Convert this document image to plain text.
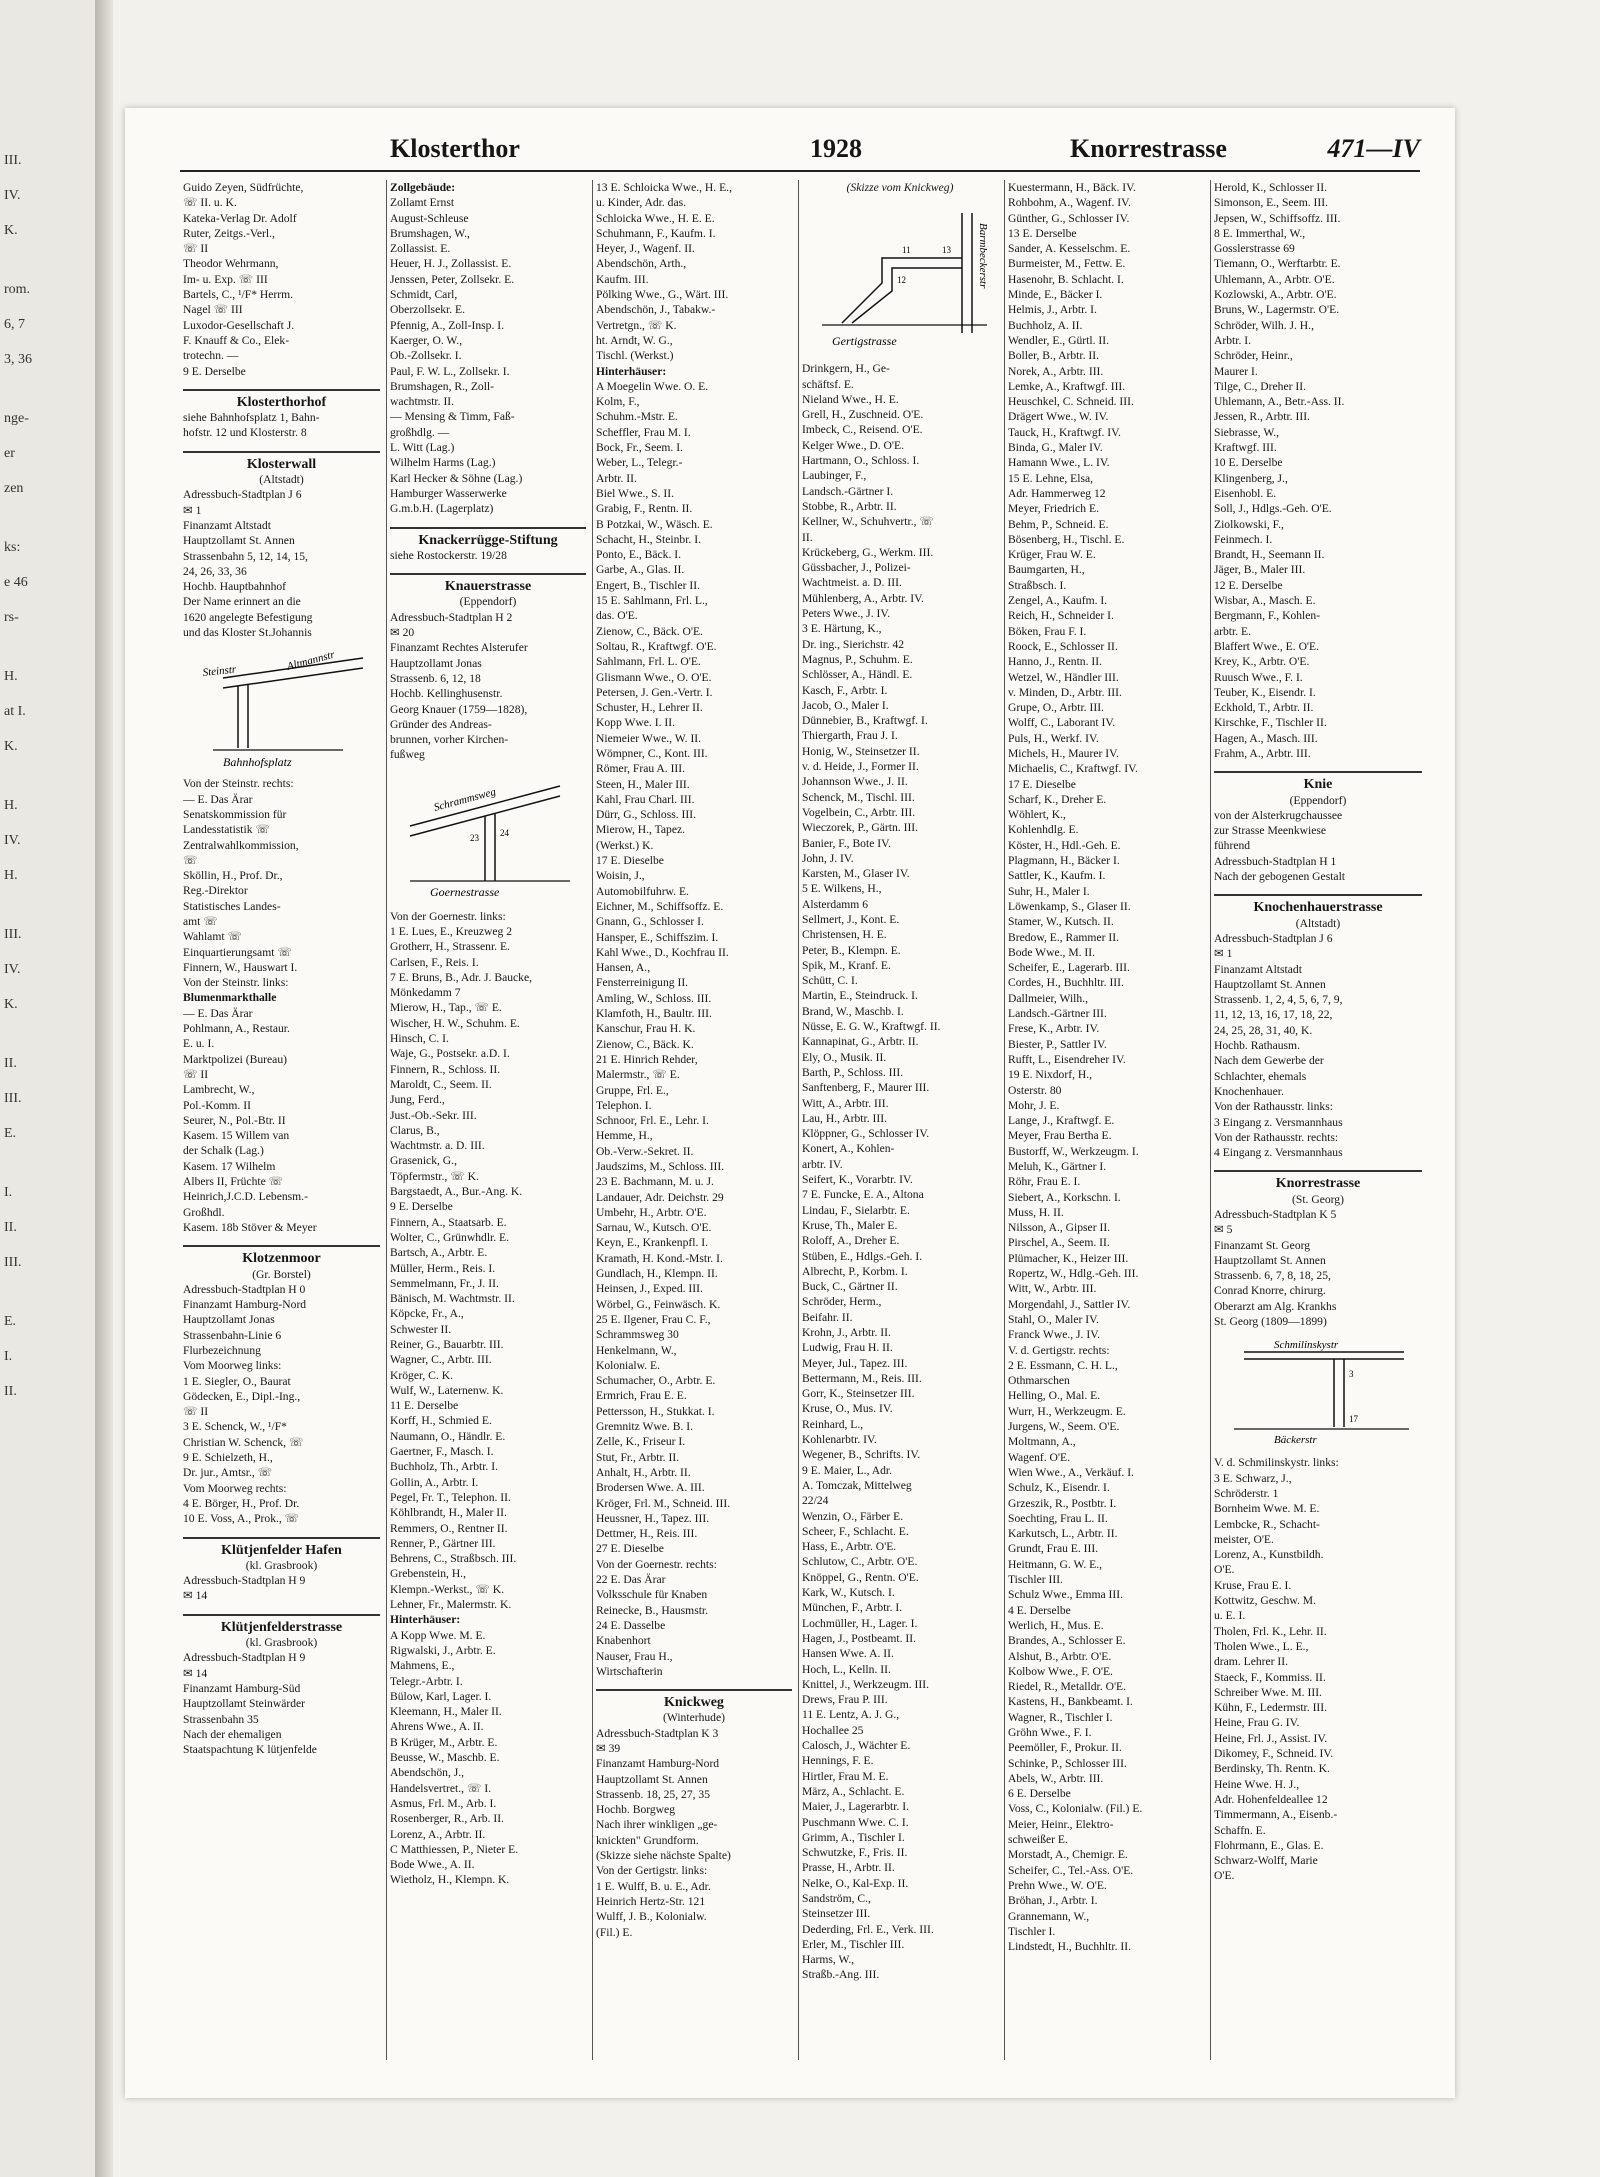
III.
IV.
K.
rom.
6, 7
3, 36
nge-
er
zen
ks:
e 46
rs-
H.
at I.
K.
H.
IV.
H.
III.
IV.
K.
II.
III.
E.
I.
II.
III.
E.
I.
II.
Klosterthor	1928	Knorrestrasse	471—IV
Guido Zeyen, Südfrüchte,
☏ II. u. K.
Kateka-Verlag Dr. Adolf
Ruter, Zeitgs.-Verl.,
☏ II
Theodor Wehrmann,
Im- u. Exp. ☏ III
Bartels, C., ¹/F* Herrm.
Nagel ☏ III
Luxodor-Gesellschaft J.
F. Knauff & Co., Elek-
trotechn. —
9 E. Derselbe
Klosterthorhof
siehe Bahnhofsplatz 1, Bahn-
hofstr. 12 und Klosterstr. 8
Klosterwall
(Altstadt)
Adressbuch-Stadtplan J 6
✉ 1
Finanzamt Altstadt
Hauptzollamt St. Annen
Strassenbahn 5, 12, 14, 15,
24, 26, 33, 36
Hochb. Hauptbahnhof
Der Name erinnert an die
1620 angelegte Befestigung
und das Kloster St.Johannis
Steinstr	Altmannstr
Bahnhofsplatz
Von der Steinstr. rechts:
— E. Das Ärar
Senatskommission für
Landesstatistik ☏
Zentralwahlkommission,
☏
Sköllin, H., Prof. Dr.,
Reg.-Direktor
Statistisches Landes-
amt ☏
Wahlamt ☏
Einquartierungsamt ☏
Finnern, W., Hauswart I.
Von der Steinstr. links:
Blumenmarkthalle
— E. Das Ärar
Pohlmann, A., Restaur.
E. u. I.
Marktpolizei (Bureau)
☏ II
Lambrecht, W.,
Pol.-Komm. II
Seurer, N., Pol.-Btr. II
Kasem. 15 Willem van
der Schalk (Lag.)
Kasem. 17 Wilhelm
Albers II, Früchte ☏
Heinrich,J.C.D. Lebensm.-
Großhdl.
Kasem. 18b Stöver & Meyer
Klotzenmoor
(Gr. Borstel)
Adressbuch-Stadtplan H 0
Finanzamt Hamburg-Nord
Hauptzollamt Jonas
Strassenbahn-Linie 6
Flurbezeichnung
Vom Moorweg links:
1 E. Siegler, O., Baurat
Gödecken, E., Dipl.-Ing.,
☏ II
3 E. Schenck, W., ¹/F*
Christian W. Schenck, ☏
9 E. Schielzeth, H.,
Dr. jur., Amtsr., ☏
Vom Moorweg rechts:
4 E. Börger, H., Prof. Dr.
10 E. Voss, A., Prok., ☏
Klütjenfelder Hafen
(kl. Grasbrook)
Adressbuch-Stadtplan H 9
✉ 14
Klütjenfelderstrasse
(kl. Grasbrook)
Adressbuch-Stadtplan H 9
✉ 14
Finanzamt Hamburg-Süd
Hauptzollamt Steinwärder
Strassenbahn 35
Nach der ehemaligen
Staatspachtung K lütjenfelde
Zollgebäude:
Zollamt Ernst
August-Schleuse
Brumshagen, W.,
Zollassist. E.
Heuer, H. J., Zollassist. E.
Jenssen, Peter, Zollsekr. E.
Schmidt, Carl,
Oberzollsekr. E.
Pfennig, A., Zoll-Insp. I.
Kaerger, O. W.,
Ob.-Zollsekr. I.
Paul, F. W. L., Zollsekr. I.
Brumshagen, R., Zoll-
wachtmstr. II.
— Mensing & Timm, Faß-
großhdlg. —
L. Witt (Lag.)
Wilhelm Harms (Lag.)
Karl Hecker & Söhne (Lag.)
Hamburger Wasserwerke
G.m.b.H. (Lagerplatz)
Knackerrügge-Stiftung
siehe Rostockerstr. 19/28
Knauerstrasse
(Eppendorf)
Adressbuch-Stadtplan H 2
✉ 20
Finanzamt Rechtes Alsterufer
Hauptzollamt Jonas
Strassenb. 6, 12, 18
Hochb. Kellinghusenstr.
Georg Knauer (1759—1828),
Gründer des Andreas-
brunnen, vorher Kirchen-
fußweg
Schrammsweg
Goernestrasse
23 24
Von der Goernestr. links:
1 E. Lues, E., Kreuzweg 2
Grotherr, H., Strassenr. E.
Carlsen, F., Reis. I.
7 E. Bruns, B., Adr. J. Baucke,
Mönkedamm 7
Mierow, H., Tap., ☏ E.
Wischer, H. W., Schuhm. E.
Hinsch, C. I.
Waje, G., Postsekr. a.D. I.
Finnern, R., Schloss. II.
Maroldt, C., Seem. II.
Jung, Ferd.,
Just.-Ob.-Sekr. III.
Clarus, B.,
Wachtmstr. a. D. III.
Grasenick, G.,
Töpfermstr., ☏ K.
Bargstaedt, A., Bur.-Ang. K.
9 E. Derselbe
Finnern, A., Staatsarb. E.
Wolter, C., Grünwhdlr. E.
Bartsch, A., Arbtr. E.
Müller, Herm., Reis. I.
Semmelmann, Fr., J. II.
Bänisch, M. Wachtmstr. II.
Köpcke, Fr., A.,
Schwester II.
Reiner, G., Bauarbtr. III.
Wagner, C., Arbtr. III.
Kröger, C. K.
Wulf, W., Laternenw. K.
11 E. Derselbe
Korff, H., Schmied E.
Naumann, O., Händlr. E.
Gaertner, F., Masch. I.
Buchholz, Th., Arbtr. I.
Gollin, A., Arbtr. I.
Pegel, Fr. T., Telephon. II.
Köhlbrandt, H., Maler II.
Remmers, O., Rentner II.
Renner, P., Gärtner III.
Behrens, C., Straßbsch. III.
Grebenstein, H.,
Klempn.-Werkst., ☏ K.
Lehner, Fr., Malermstr. K.
Hinterhäuser:
A Kopp Wwe. M. E.
Rigwalski, J., Arbtr. E.
Mahmens, E.,
Telegr.-Arbtr. I.
Bülow, Karl, Lager. I.
Kleemann, H., Maler II.
Ahrens Wwe., A. II.
B Krüger, M., Arbtr. E.
Beusse, W., Maschb. E.
Abendschön, J.,
Handelsvertret., ☏ I.
Asmus, Frl. M., Arb. I.
Rosenberger, R., Arb. II.
Lorenz, A., Arbtr. II.
C Matthiessen, P., Nieter E.
Bode Wwe., A. II.
Wietholz, H., Klempn. K.
13 E. Schloicka Wwe., H. E.,
u. Kinder, Adr. das.
Schloicka Wwe., H. E. E.
Schuhmann, F., Kaufm. I.
Heyer, J., Wagenf. II.
Abendschön, Arth.,
Kaufm. III.
Pölking Wwe., G., Wärt. III.
Abendschön, J., Tabakw.-
Vertretgn., ☏ K.
ht. Arndt, W. G.,
Tischl. (Werkst.)
Hinterhäuser:
A Moegelin Wwe. O. E.
Kolm, F.,
Schuhm.-Mstr. E.
Scheffler, Frau M. I.
Bock, Fr., Seem. I.
Weber, L., Telegr.-
Arbtr. II.
Biel Wwe., S. II.
Grabig, F., Rentn. II.
B Potzkai, W., Wäsch. E.
Schacht, H., Steinbr. I.
Ponto, E., Bäck. I.
Garbe, A., Glas. II.
Engert, B., Tischler II.
15 E. Sahlmann, Frl. L.,
das. O'E.
Zienow, C., Bäck. O'E.
Soltau, R., Kraftwgf. O'E.
Sahlmann, Frl. L. O'E.
Glismann Wwe., O. O'E.
Petersen, J. Gen.-Vertr. I.
Schuster, H., Lehrer II.
Kopp Wwe. I. II.
Niemeier Wwe., W. II.
Wömpner, C., Kont. III.
Römer, Frau A. III.
Steen, H., Maler III.
Kahl, Frau Charl. III.
Dürr, G., Schloss. III.
Mierow, H., Tapez.
(Werkst.) K.
17 E. Dieselbe
Woisin, J.,
Automobilfuhrw. E.
Eichner, M., Schiffsoffz. E.
Gnann, G., Schlosser I.
Hansper, E., Schiffszim. I.
Kahl Wwe., D., Kochfrau II.
Hansen, A.,
Fensterreinigung II.
Amling, W., Schloss. III.
Klamfoth, H., Baultr. III.
Kanschur, Frau H. K.
Zienow, C., Bäck. K.
21 E. Hinrich Rehder,
Malermstr., ☏ E.
Gruppe, Frl. E.,
Telephon. I.
Schnoor, Frl. E., Lehr. I.
Hemme, H.,
Ob.-Verw.-Sekret. II.
Jaudszims, M., Schloss. III.
23 E. Bachmann, M. u. J.
Landauer, Adr. Deichstr. 29
Umbehr, H., Arbtr. O'E.
Sarnau, W., Kutsch. O'E.
Keyn, E., Krankenpfl. I.
Kramath, H. Kond.-Mstr. I.
Gundlach, H., Klempn. II.
Heinsen, J., Exped. III.
Wörbel, G., Feinwäsch. K.
25 E. Ilgener, Frau C. F.,
Schrammsweg 30
Henkelmann, W.,
Kolonialw. E.
Schumacher, O., Arbtr. E.
Ermrich, Frau E. E.
Pettersson, H., Stukkat. I.
Gremnitz Wwe. B. I.
Zelle, K., Friseur I.
Stut, Fr., Arbtr. II.
Anhalt, H., Arbtr. II.
Brodersen Wwe. A. III.
Kröger, Frl. M., Schneid. III.
Heussner, H., Tapez. III.
Dettmer, H., Reis. III.
27 E. Dieselbe
Von der Goernestr. rechts:
22 E. Das Ärar
Volksschule für Knaben
Reinecke, B., Hausmstr.
24 E. Dasselbe
Knabenhort
Nauser, Frau H.,
Wirtschafterin
Knickweg
(Winterhude)
Adressbuch-Stadtplan K 3
✉ 39
Finanzamt Hamburg-Nord
Hauptzollamt St. Annen
Strassenb. 18, 25, 27, 35
Hochb. Borgweg
Nach ihrer winkligen „ge-
knickten" Grundform.
(Skizze siehe nächste Spalte)
Von der Gertigstr. links:
1 E. Wulff, B. u. E., Adr.
Heinrich Hertz-Str. 121
Wulff, J. B., Kolonialw.
(Fil.) E.
(Skizze vom Knickweg)
Barmbeckerstr
Gertigstrasse
11
12
13
Drinkgern, H., Ge-
schäftsf. E.
Nieland Wwe., H. E.
Grell, H., Zuschneid. O'E.
Imbeck, C., Reisend. O'E.
Kelger Wwe., D. O'E.
Hartmann, O., Schloss. I.
Laubinger, F.,
Landsch.-Gärtner I.
Stobbe, R., Arbtr. II.
Kellner, W., Schuhvertr., ☏
II.
Krückeberg, G., Werkm. III.
Güssbacher, J., Polizei-
Wachtmeist. a. D. III.
Mühlenberg, A., Arbtr. IV.
Peters Wwe., J. IV.
3 E. Härtung, K.,
Dr. ing., Sierichstr. 42
Magnus, P., Schuhm. E.
Schlösser, A., Händl. E.
Kasch, F., Arbtr. I.
Jacob, O., Maler I.
Dünnebier, B., Kraftwgf. I.
Thiergarth, Frau J. I.
Honig, W., Steinsetzer II.
v. d. Heide, J., Former II.
Johannson Wwe., J. II.
Schenck, M., Tischl. III.
Vogelbein, C., Arbtr. III.
Wieczorek, P., Gärtn. III.
Banier, F., Bote IV.
John, J. IV.
Karsten, M., Glaser IV.
5 E. Wilkens, H.,
Alsterdamm 6
Sellmert, J., Kont. E.
Christensen, H. E.
Peter, B., Klempn. E.
Spik, M., Kranf. E.
Schütt, C. I.
Martin, E., Steindruck. I.
Brand, W., Maschb. I.
Nüsse, E. G. W., Kraftwgf. II.
Kannapinat, G., Arbtr. II.
Ely, O., Musik. II.
Barth, P., Schloss. III.
Sanftenberg, F., Maurer III.
Witt, A., Arbtr. III.
Lau, H., Arbtr. III.
Klöppner, G., Schlosser IV.
Konert, A., Kohlen-
arbtr. IV.
Seifert, K., Vorarbtr. IV.
7 E. Funcke, E. A., Altona
Lindau, F., Sielarbtr. E.
Kruse, Th., Maler E.
Roloff, A., Dreher E.
Stüben, E., Hdlgs.-Geh. I.
Albrecht, P., Korbm. I.
Buck, C., Gärtner II.
Schröder, Herm.,
Beifahr. II.
Krohn, J., Arbtr. II.
Ludwig, Frau H. II.
Meyer, Jul., Tapez. III.
Bettermann, M., Reis. III.
Gorr, K., Steinsetzer III.
Kruse, O., Mus. IV.
Reinhard, L.,
Kohlenarbtr. IV.
Wegener, B., Schrifts. IV.
9 E. Maier, L., Adr.
A. Tomczak, Mittelweg
22/24
Wenzin, O., Färber E.
Scheer, F., Schlacht. E.
Hass, E., Arbtr. O'E.
Schlutow, C., Arbtr. O'E.
Knöppel, G., Rentn. O'E.
Kark, W., Kutsch. I.
München, F., Arbtr. I.
Lochmüller, H., Lager. I.
Hagen, J., Postbeamt. II.
Hansen Wwe. A. II.
Hoch, L., Kelln. II.
Knittel, J., Werkzeugm. III.
Drews, Frau P. III.
11 E. Lentz, A. J. G.,
Hochallee 25
Calosch, J., Wächter E.
Hennings, F. E.
Hirtler, Frau M. E.
März, A., Schlacht. E.
Maier, J., Lagerarbtr. I.
Puschmann Wwe. C. I.
Grimm, A., Tischler I.
Schwutzke, F., Fris. II.
Prasse, H., Arbtr. II.
Nelke, O., Kal-Exp. II.
Sandström, C.,
Steinsetzer III.
Dederding, Frl. E., Verk. III.
Erler, M., Tischler III.
Harms, W.,
Straßb.-Ang. III.
Kuestermann, H., Bäck. IV.
Rohbohm, A., Wagenf. IV.
Günther, G., Schlosser IV.
13 E. Derselbe
Sander, A. Kesselschm. E.
Burmeister, M., Fettw. E.
Hasenohr, B. Schlacht. I.
Minde, E., Bäcker I.
Helmis, J., Arbtr. I.
Buchholz, A. II.
Wendler, E., Gürtl. II.
Boller, B., Arbtr. II.
Norek, A., Arbtr. III.
Lemke, A., Kraftwgf. III.
Heuschkel, C. Schneid. III.
Drägert Wwe., W. IV.
Tauck, H., Kraftwgf. IV.
Binda, G., Maler IV.
Hamann Wwe., L. IV.
15 E. Lehne, Elsa,
Adr. Hammerweg 12
Meyer, Friedrich E.
Behm, P., Schneid. E.
Bösenberg, H., Tischl. E.
Krüger, Frau W. E.
Baumgarten, H.,
Straßbsch. I.
Zengel, A., Kaufm. I.
Reich, H., Schneider I.
Böken, Frau F. I.
Roock, E., Schlosser II.
Hanno, J., Rentn. II.
Wetzel, W., Händler III.
v. Minden, D., Arbtr. III.
Grupe, O., Arbtr. III.
Wolff, C., Laborant IV.
Puls, H., Werkf. IV.
Michels, H., Maurer IV.
Michaelis, C., Kraftwgf. IV.
17 E. Dieselbe
Scharf, K., Dreher E.
Wöhlert, K.,
Kohlenhdlg. E.
Köster, H., Hdl.-Geh. E.
Plagmann, H., Bäcker I.
Sattler, K., Kaufm. I.
Suhr, H., Maler I.
Löwenkamp, S., Glaser II.
Stamer, W., Kutsch. II.
Bredow, E., Rammer II.
Bode Wwe., M. II.
Scheifer, E., Lagerarb. III.
Cordes, H., Buchhltr. III.
Dallmeier, Wilh.,
Landsch.-Gärtner III.
Frese, K., Arbtr. IV.
Biester, P., Sattler IV.
Rufft, L., Eisendreher IV.
19 E. Nixdorf, H.,
Osterstr. 80
Mohr, J. E.
Lange, J., Kraftwgf. E.
Meyer, Frau Bertha E.
Bustorff, W., Werkzeugm. I.
Meluh, K., Gärtner I.
Röhr, Frau E. I.
Siebert, A., Korkschn. I.
Muss, H. II.
Nilsson, A., Gipser II.
Pirschel, A., Seem. II.
Plümacher, K., Heizer III.
Ropertz, W., Hdlg.-Geh. III.
Witt, W., Arbtr. III.
Morgendahl, J., Sattler IV.
Stahl, O., Maler IV.
Franck Wwe., J. IV.
V. d. Gertigstr. rechts:
2 E. Essmann, C. H. L.,
Othmarschen
Helling, O., Mal. E.
Wurr, H., Werkzeugm. E.
Jurgens, W., Seem. O'E.
Moltmann, A.,
Wagenf. O'E.
Wien Wwe., A., Verkäuf. I.
Schulz, K., Eisendr. I.
Grzeszik, R., Postbtr. I.
Soechting, Frau L. II.
Karkutsch, L., Arbtr. II.
Grundt, Frau E. III.
Heitmann, G. W. E.,
Tischler III.
Schulz Wwe., Emma III.
4 E. Derselbe
Werlich, H., Mus. E.
Brandes, A., Schlosser E.
Alshut, B., Arbtr. O'E.
Kolbow Wwe., F. O'E.
Riedel, R., Metalldr. O'E.
Kastens, H., Bankbeamt. I.
Wagner, R., Tischler I.
Gröhn Wwe., F. I.
Peemöller, F., Prokur. II.
Schinke, P., Schlosser III.
Abels, W., Arbtr. III.
6 E. Derselbe
Voss, C., Kolonialw. (Fil.) E.
Meier, Heinr., Elektro-
schweißer E.
Morstadt, A., Chemigr. E.
Scheifer, C., Tel.-Ass. O'E.
Prehn Wwe., W. O'E.
Bröhan, J., Arbtr. I.
Grannemann, W.,
Tischler I.
Lindstedt, H., Buchhltr. II.
Herold, K., Schlosser II.
Simonson, E., Seem. III.
Jepsen, W., Schiffsoffz. III.
8 E. Immerthal, W.,
Gosslerstrasse 69
Tiemann, O., Werftarbtr. E.
Uhlemann, A., Arbtr. O'E.
Kozlowski, A., Arbtr. O'E.
Bruns, W., Lagermstr. O'E.
Schröder, Wilh. J. H.,
Arbtr. I.
Schröder, Heinr.,
Maurer I.
Tilge, C., Dreher II.
Uhlemann, A., Betr.-Ass. II.
Jessen, R., Arbtr. III.
Siebrasse, W.,
Kraftwgf. III.
10 E. Derselbe
Klingenberg, J.,
Eisenhobl. E.
Soll, J., Hdlgs.-Geh. O'E.
Ziolkowski, F.,
Feinmech. I.
Brandt, H., Seemann II.
Jäger, B., Maler III.
12 E. Derselbe
Wisbar, A., Masch. E.
Bergmann, F., Kohlen-
arbtr. E.
Blaffert Wwe., E. O'E.
Krey, K., Arbtr. O'E.
Ruusch Wwe., F. I.
Teuber, K., Eisendr. I.
Eckhold, T., Arbtr. II.
Kirschke, F., Tischler II.
Hagen, A., Masch. III.
Frahm, A., Arbtr. III.
Knie
(Eppendorf)
von der Alsterkrugchaussee
zur Strasse Meenkwiese
führend
Adressbuch-Stadtplan H 1
Nach der gebogenen Gestalt
Knochenhauerstrasse
(Altstadt)
Adressbuch-Stadtplan J 6
✉ 1
Finanzamt Altstadt
Hauptzollamt St. Annen
Strassenb. 1, 2, 4, 5, 6, 7, 9,
11, 12, 13, 16, 17, 18, 22,
24, 25, 28, 31, 40, K.
Hochb. Rathausm.
Nach dem Gewerbe der
Schlachter, ehemals
Knochenhauer.
Von der Rathausstr. links:
3 Eingang z. Versmannhaus
Von der Rathausstr. rechts:
4 Eingang z. Versmannhaus
Knorrestrasse
(St. Georg)
Adressbuch-Stadtplan K 5
✉ 5
Finanzamt St. Georg
Hauptzollamt St. Annen
Strassenb. 6, 7, 8, 18, 25,
Conrad Knorre, chirurg.
Oberarzt am Alg. Krankhs
St. Georg (1809—1899)
Schmilinskystr
Bäckerstr
3
17
V. d. Schmilinskystr. links:
3 E. Schwarz, J.,
Schröderstr. 1
Bornheim Wwe. M. E.
Lembcke, R., Schacht-
meister, O'E.
Lorenz, A., Kunstbildh.
O'E.
Kruse, Frau E. I.
Kottwitz, Geschw. M.
u. E. I.
Tholen, Frl. K., Lehr. II.
Tholen Wwe., L. E.,
dram. Lehrer II.
Staeck, F., Kommiss. II.
Schreiber Wwe. M. III.
Kühn, F., Ledermstr. III.
Heine, Frau G. IV.
Heine, Frl. J., Assist. IV.
Dikomey, F., Schneid. IV.
Berdinsky, Th. Rentn. K.
Heine Wwe. H. J.,
Adr. Hohenfeldeallee 12
Timmermann, A., Eisenb.-
Schaffn. E.
Flohrmann, E., Glas. E.
Schwarz-Wolff, Marie
O'E.
